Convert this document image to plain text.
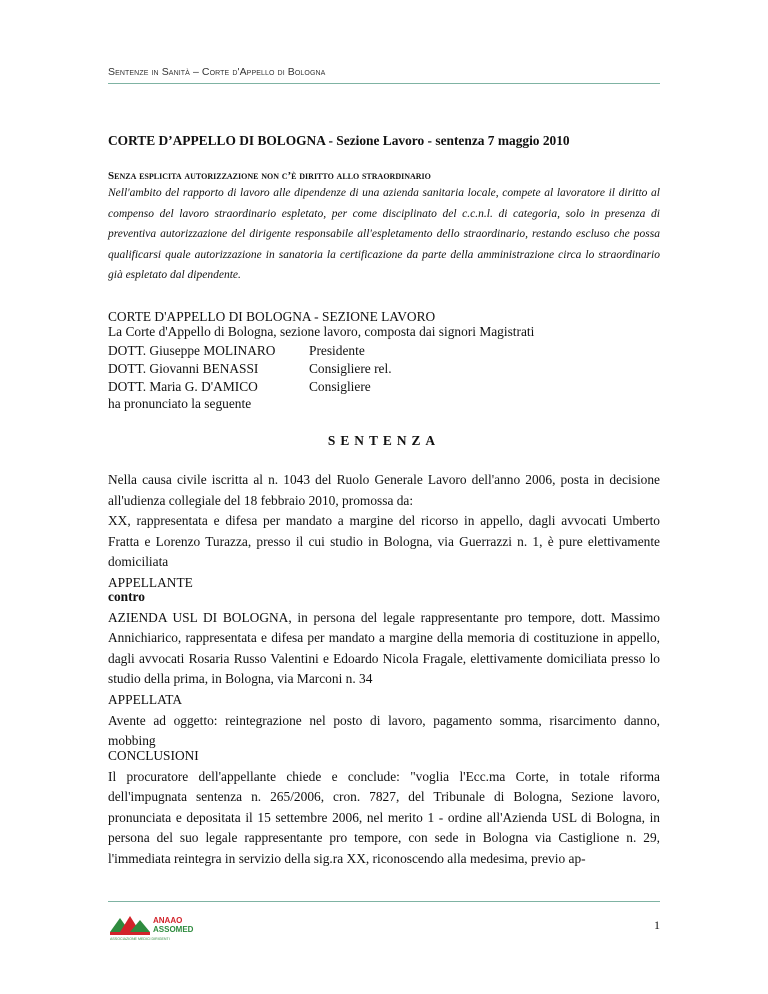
Sentenze in Sanità – Corte d'Appello di Bologna
CORTE D’APPELLO DI BOLOGNA - Sezione Lavoro - sentenza 7 maggio 2010
Senza esplicita autorizzazione non c’è diritto allo straordinario
Nell'ambito del rapporto di lavoro alle dipendenze di una azienda sanitaria locale, compete al lavoratore il diritto al compenso del lavoro straordinario espletato, per come disciplinato del c.c.n.l. di categoria, solo in presenza di preventiva autorizzazione del dirigente responsabile all'espletamento dello straordinario, restando escluso che possa qualificarsi quale autorizzazione in sanatoria la certificazione da parte della amministrazione circa lo straordinario già espletato dal dipendente.
CORTE D'APPELLO DI BOLOGNA - SEZIONE LAVORO
La Corte d'Appello di Bologna, sezione lavoro, composta dai signori Magistrati
DOTT. Giuseppe MOLINARO	Presidente
DOTT. Giovanni BENASSI	Consigliere rel.
DOTT. Maria G. D'AMICO	Consigliere
ha pronunciato la seguente
SENTENZA
Nella causa civile iscritta al n. 1043 del Ruolo Generale Lavoro dell'anno 2006, posta in decisione all'udienza collegiale del 18 febbraio 2010, promossa da:
XX, rappresentata e difesa per mandato a margine del ricorso in appello, dagli avvocati Umberto Fratta e Lorenzo Turazza, presso il cui studio in Bologna, via Guerrazzi n. 1, è pure elettivamente domiciliata
APPELLANTE
contro
AZIENDA USL DI BOLOGNA, in persona del legale rappresentante pro tempore, dott. Massimo Annichiarico, rappresentata e difesa per mandato a margine della memoria di costituzione in appello, dagli avvocati Rosaria Russo Valentini e Edoardo Nicola Fragale, elettivamente domiciliata presso lo studio della prima, in Bologna, via Marconi n. 34
APPELLATA
Avente ad oggetto: reintegrazione nel posto di lavoro, pagamento somma, risarcimento danno, mobbing
CONCLUSIONI
Il procuratore dell'appellante chiede e conclude: "voglia l'Ecc.ma Corte, in totale riforma dell'impugnata sentenza n. 265/2006, cron. 7827, del Tribunale di Bologna, Sezione lavoro, pronunciata e depositata il 15 settembre 2006, nel merito 1 - ordine all'Azienda USL di Bologna, in persona del suo legale rappresentante pro tempore, con sede in Bologna via Castiglione n. 29, l'immediata reintegra in servizio della sig.ra XX, riconoscendo alla medesima, previo ap-
ANAAO
ASSOMED
ASSOCIAZIONE MEDICI DIRIGENTI
1
